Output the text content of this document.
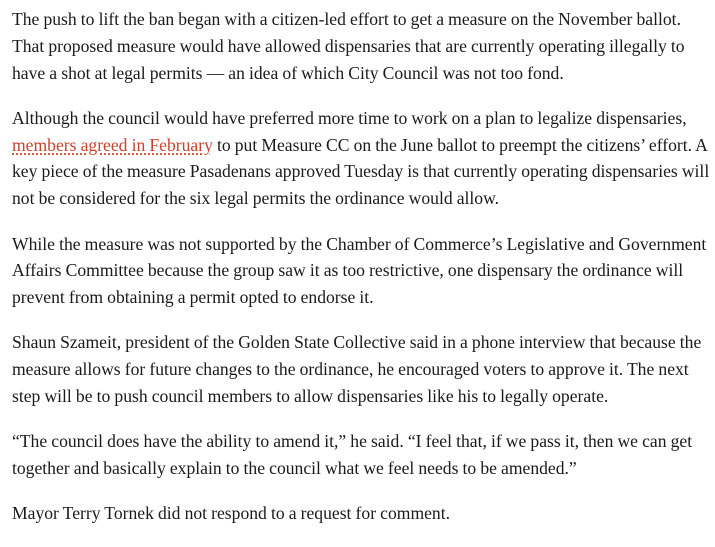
The push to lift the ban began with a citizen-led effort to get a measure on the November ballot. That proposed measure would have allowed dispensaries that are currently operating illegally to have a shot at legal permits — an idea of which City Council was not too fond.

Although the council would have preferred more time to work on a plan to legalize dispensaries, members agreed in February to put Measure CC on the June ballot to preempt the citizens’ effort. A key piece of the measure Pasadenans approved Tuesday is that currently operating dispensaries will not be considered for the six legal permits the ordinance would allow.

While the measure was not supported by the Chamber of Commerce’s Legislative and Government Affairs Committee because the group saw it as too restrictive, one dispensary the ordinance will prevent from obtaining a permit opted to endorse it.

Shaun Szameit, president of the Golden State Collective said in a phone interview that because the measure allows for future changes to the ordinance, he encouraged voters to approve it. The next step will be to push council members to allow dispensaries like his to legally operate.

“The council does have the ability to amend it,” he said. “I feel that, if we pass it, then we can get together and basically explain to the council what we feel needs to be amended.”

Mayor Terry Tornek did not respond to a request for comment.
